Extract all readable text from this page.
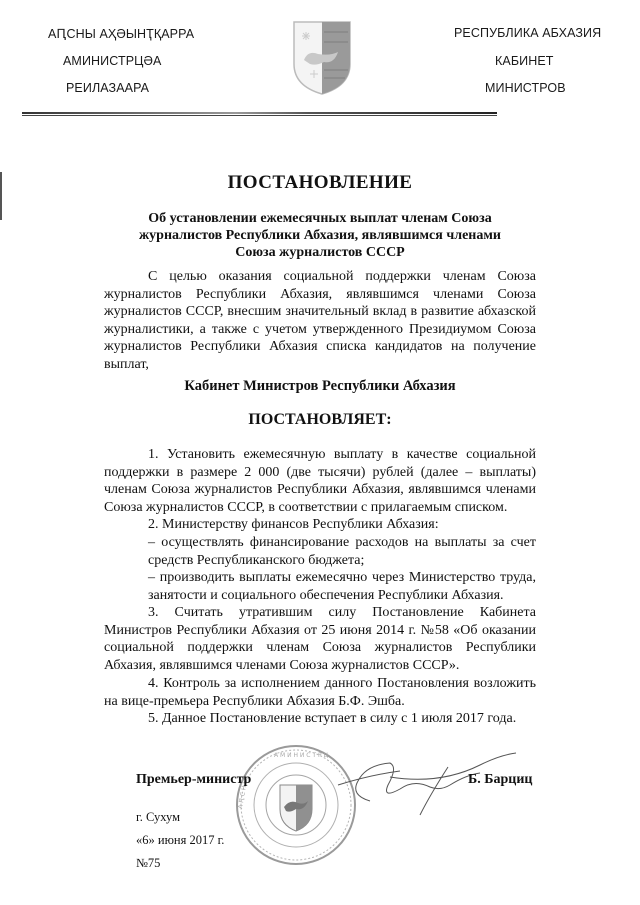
АԤСНЫ АҲӘЫНҬҚАРРА
АМИНИСТРЦӘА
РЕИЛАЗААРА
РЕСПУБЛИКА АБХАЗИЯ
КАБИНЕТ
МИНИСТРОВ
ПОСТАНОВЛЕНИЕ
Об установлении ежемесячных выплат членам Союза журналистов Республики Абхазия, являвшимся членами Союза журналистов СССР
С целью оказания социальной поддержки членам Союза журналистов Республики Абхазия, являвшимся членами Союза журналистов СССР, внесшим значительный вклад в развитие абхазской журналистики, а также с учетом утвержденного Президиумом Союза журналистов Республики Абхазия списка кандидатов на получение выплат,
Кабинет Министров Республики Абхазия
ПОСТАНОВЛЯЕТ:
1. Установить ежемесячную выплату в качестве социальной поддержки в размере 2 000 (две тысячи) рублей (далее – выплаты) членам Союза журналистов Республики Абхазия, являвшимся членами Союза журналистов СССР, в соответствии с прилагаемым списком.
2. Министерству финансов Республики Абхазия:
– осуществлять финансирование расходов на выплаты за счет средств Республиканского бюджета;
– производить выплаты ежемесячно через Министерство труда, занятости и социального обеспечения Республики Абхазия.
3. Считать утратившим силу Постановление Кабинета Министров Республики Абхазия от 25 июня 2014 г. №58 «Об оказании социальной поддержки членам Союза журналистов Республики Абхазия, являвшимся членами Союза журналистов СССР».
4. Контроль за исполнением данного Постановления возложить на вице-премьера Республики Абхазия Б.Ф. Эшба.
5. Данное Постановление вступает в силу с 1 июля 2017 года.
А М И Н И С Т Р Ц
А Ԥ С Н Ы
Премьер-министр	Б. Барциц
г. Сухум
«6» июня 2017 г.
№75
